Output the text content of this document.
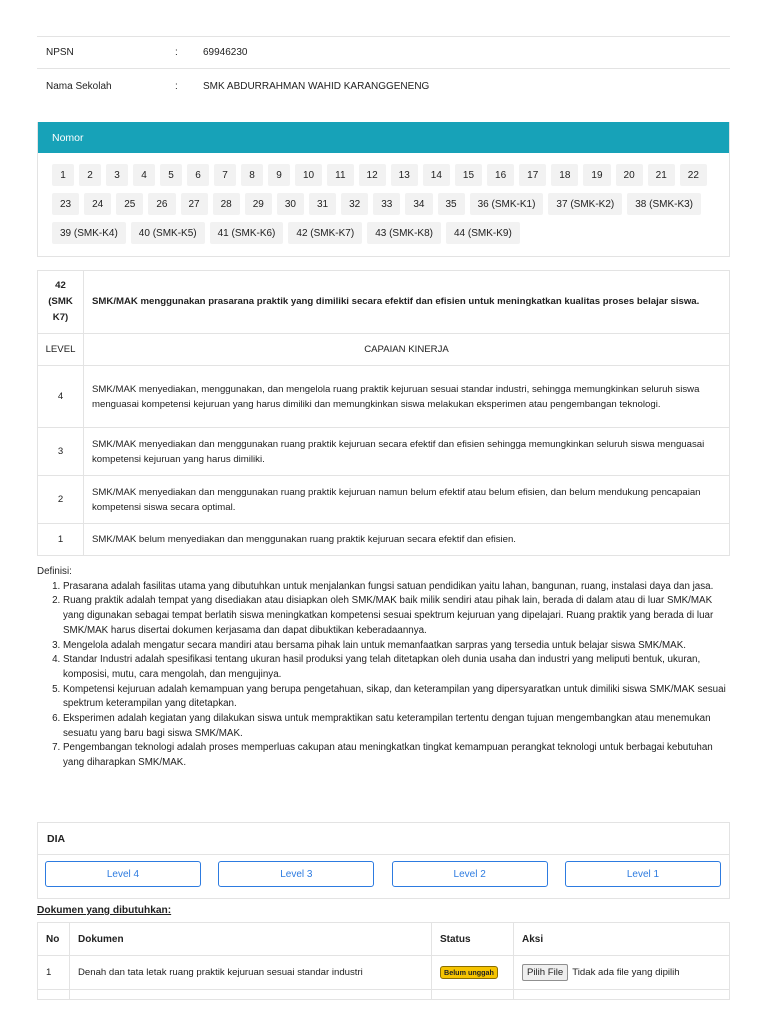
NPSN	:	69946230
Nama Sekolah	:	SMK ABDURRAHMAN WAHID KARANGGENENG
Nomor
1	2	3	4	5	6	7	8	9	10	11	12	13	14	15	16	17	18	19	20	21	22
23	24	25	26	27	28	29	30	31	32	33	34	35	36 (SMK-K1)	37 (SMK-K2)	38 (SMK-K3)
39 (SMK-K4)	40 (SMK-K5)	41 (SMK-K6)	42 (SMK-K7)	43 (SMK-K8)	44 (SMK-K9)
42
(SMK
K7)	SMK/MAK menggunakan prasarana praktik yang dimiliki secara efektif dan efisien untuk meningkatkan kualitas proses belajar siswa.
LEVEL	CAPAIAN KINERJA
4	SMK/MAK menyediakan, menggunakan, dan mengelola ruang praktik kejuruan sesuai standar industri, sehingga memungkinkan seluruh siswa menguasai kompetensi kejuruan yang harus dimiliki dan memungkinkan siswa melakukan eksperimen atau pengembangan teknologi.
3	SMK/MAK menyediakan dan menggunakan ruang praktik kejuruan secara efektif dan efisien sehingga memungkinkan seluruh siswa menguasai kompetensi kejuruan yang harus dimiliki.
2	SMK/MAK menyediakan dan menggunakan ruang praktik kejuruan namun belum efektif atau belum efisien, dan belum mendukung pencapaian kompetensi siswa secara optimal.
1	SMK/MAK belum menyediakan dan menggunakan ruang praktik kejuruan secara efektif dan efisien.
Definisi:
1. Prasarana adalah fasilitas utama yang dibutuhkan untuk menjalankan fungsi satuan pendidikan yaitu lahan, bangunan, ruang, instalasi daya dan jasa.
2. Ruang praktik adalah tempat yang disediakan atau disiapkan oleh SMK/MAK baik milik sendiri atau pihak lain, berada di dalam atau di luar SMK/MAK yang digunakan sebagai tempat berlatih siswa meningkatkan kompetensi sesuai spektrum kejuruan yang dipelajari. Ruang praktik yang berada di luar SMK/MAK harus disertai dokumen kerjasama dan dapat dibuktikan keberadaannya.
3. Mengelola adalah mengatur secara mandiri atau bersama pihak lain untuk memanfaatkan sarpras yang tersedia untuk belajar siswa SMK/MAK.
4. Standar Industri adalah spesifikasi tentang ukuran hasil produksi yang telah ditetapkan oleh dunia usaha dan industri yang meliputi bentuk, ukuran, komposisi, mutu, cara mengolah, dan mengujinya.
5. Kompetensi kejuruan adalah kemampuan yang berupa pengetahuan, sikap, dan keterampilan yang dipersyaratkan untuk dimiliki siswa SMK/MAK sesuai spektrum keterampilan yang ditetapkan.
6. Eksperimen adalah kegiatan yang dilakukan siswa untuk mempraktikan satu keterampilan tertentu dengan tujuan mengembangkan atau menemukan sesuatu yang baru bagi siswa SMK/MAK.
7. Pengembangan teknologi adalah proses memperluas cakupan atau meningkatkan tingkat kemampuan perangkat teknologi untuk berbagai kebutuhan yang diharapkan SMK/MAK.
DIA
Level 4	Level 3	Level 2	Level 1
Dokumen yang dibutuhkan:
No	Dokumen	Status	Aksi
1	Denah dan tata letak ruang praktik kejuruan sesuai standar industri	Belum unggah	Pilih File Tidak ada file yang dipilih
